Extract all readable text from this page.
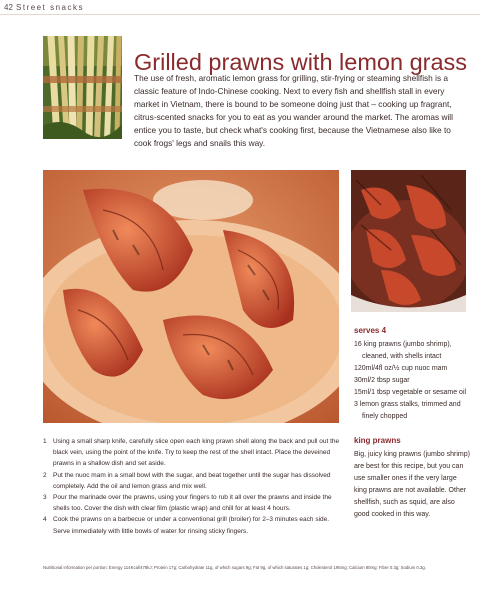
42 Street snacks
Grilled prawns with lemon grass

The use of fresh, aromatic lemon grass for grilling, stir-frying or steaming shellfish is a classic feature of Indo-Chinese cooking. Next to every fish and shellfish stall in every market in Vietnam, there is bound to be someone doing just that – cooking up fragrant, citrus-scented snacks for you to eat as you wander around the market. The aromas will entice you to taste, but check what's cooking first, because the Vietnamese also like to cook frogs' legs and snails this way.

serves 4
16 king prawns (jumbo shrimp), cleaned, with shells intact
120ml/4fl oz/½ cup nuoc mam
30ml/2 tbsp sugar
15ml/1 tbsp vegetable or sesame oil
3 lemon grass stalks, trimmed and finely chopped
1 Using a small sharp knife, carefully slice open each king prawn shell along the back and pull out the black vein, using the point of the knife. Try to keep the rest of the shell intact. Place the deveined prawns in a shallow dish and set aside.
2 Put the nuoc mam in a small bowl with the sugar, and beat together until the sugar has dissolved completely. Add the oil and lemon grass and mix well.
3 Pour the marinade over the prawns, using your fingers to rub it all over the prawns and inside the shells too. Cover the dish with clear film (plastic wrap) and chill for at least 4 hours.
4 Cook the prawns on a barbecue or under a conventional grill (broiler) for 2–3 minutes each side. Serve immediately with little bowls of water for rinsing sticky fingers.
king prawns

Big, juicy king prawns (jumbo shrimp) are best for this recipe, but you can use smaller ones if the very large king prawns are not available. Other shellfish, such as squid, are also good cooked in this way.

Nutritional information per portion: Energy 114Kcal/478kJ; Protein 17g; Carbohydrate 11g, of which sugars 9g; Fat 9g, of which saturates 1g; Cholesterol 195mg; Calcium 80mg; Fibre 0.3g; Sodium 0.3g.
